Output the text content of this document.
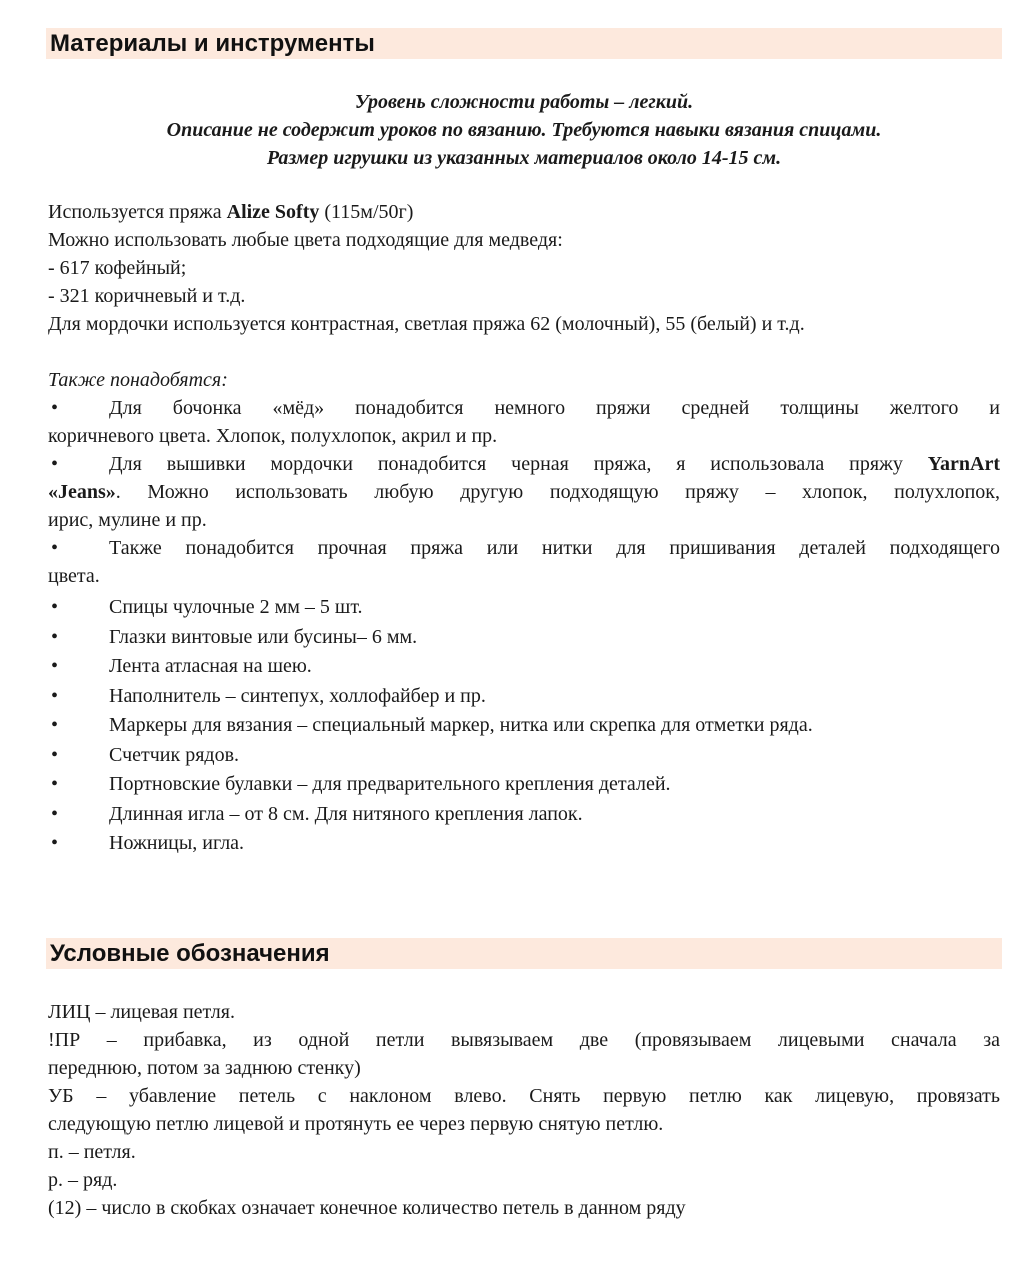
Материалы и инструменты
Уровень сложности работы – легкий.
Описание не содержит уроков по вязанию. Требуются навыки вязания спицами.
Размер игрушки из указанных материалов около 14-15 см.
Используется пряжа Alize Softy (115м/50г)
Можно использовать любые цвета подходящие для медведя:
- 617 кофейный;
- 321 коричневый и т.д.
Для мордочки используется контрастная, светлая пряжа 62 (молочный), 55 (белый) и т.д.
Также понадобятся:
•	Для бочонка «мёд» понадобится немного пряжи средней толщины желтого и
коричневого цвета. Хлопок, полухлопок, акрил и пр.
•	Для вышивки мордочки понадобится черная пряжа, я использовала пряжу YarnArt
«Jeans». Можно использовать любую другую подходящую пряжу – хлопок, полухлопок,
ирис, мулине и пр.
•	Также понадобится прочная пряжа или нитки для пришивания деталей подходящего
цвета.
•	Спицы чулочные 2 мм – 5 шт.
•	Глазки винтовые или бусины– 6 мм.
•	Лента атласная на шею.
•	Наполнитель – синтепух, холлофайбер и пр.
•	Маркеры для вязания – специальный маркер, нитка или скрепка для отметки ряда.
•	Счетчик рядов.
•	Портновские булавки – для предварительного крепления деталей.
•	Длинная игла – от 8 см. Для нитяного крепления лапок.
•	Ножницы, игла.
Условные обозначения
ЛИЦ – лицевая петля.
!ПР – прибавка, из одной петли вывязываем две (провязываем лицевыми сначала за
переднюю, потом за заднюю стенку)
УБ – убавление петель с наклоном влево. Снять первую петлю как лицевую, провязать
следующую петлю лицевой и протянуть ее через первую снятую петлю.
п. – петля.
р. – ряд.
(12) – число в скобках означает конечное количество петель в данном ряду
